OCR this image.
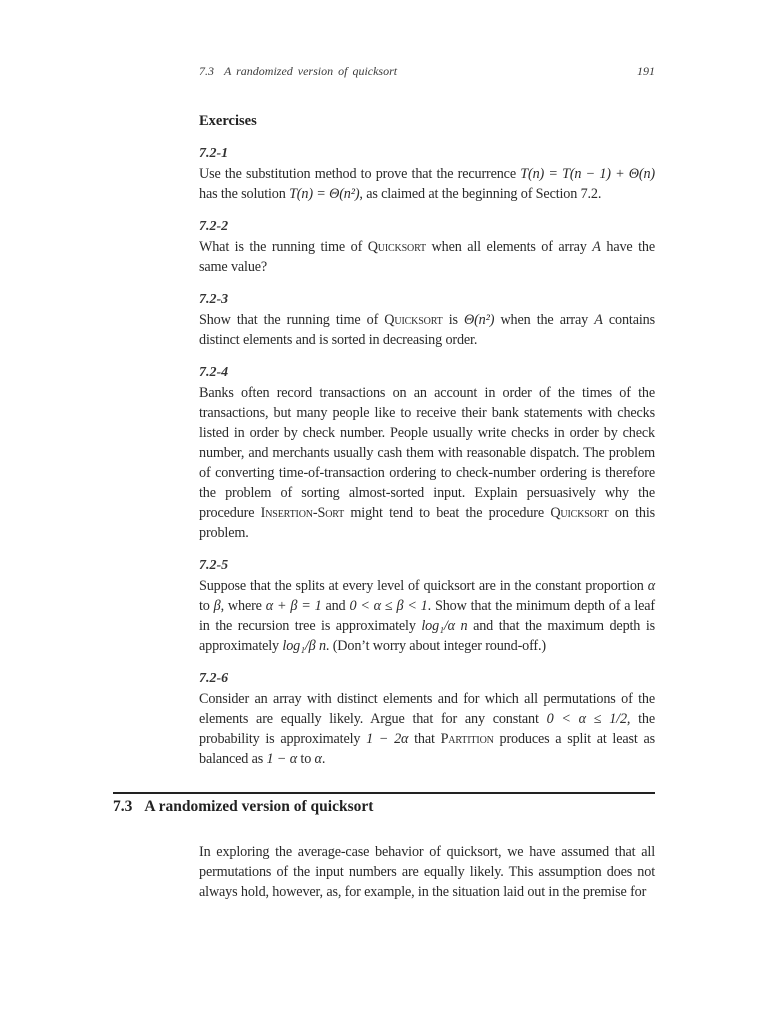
7.3 A randomized version of quicksort	191
Exercises
7.2-1
Use the substitution method to prove that the recurrence T(n) = T(n − 1) + Θ(n) has the solution T(n) = Θ(n²), as claimed at the beginning of Section 7.2.
7.2-2
What is the running time of Quicksort when all elements of array A have the same value?
7.2-3
Show that the running time of Quicksort is Θ(n²) when the array A contains distinct elements and is sorted in decreasing order.
7.2-4
Banks often record transactions on an account in order of the times of the transactions, but many people like to receive their bank statements with checks listed in order by check number. People usually write checks in order by check number, and merchants usually cash them with reasonable dispatch. The problem of converting time-of-transaction ordering to check-number ordering is therefore the problem of sorting almost-sorted input. Explain persuasively why the procedure Insertion-Sort might tend to beat the procedure Quicksort on this problem.
7.2-5
Suppose that the splits at every level of quicksort are in the constant proportion α to β, where α + β = 1 and 0 < α ≤ β < 1. Show that the minimum depth of a leaf in the recursion tree is approximately log₁/α n and that the maximum depth is approximately log₁/β n. (Don’t worry about integer round-off.)
7.2-6
Consider an array with distinct elements and for which all permutations of the elements are equally likely. Argue that for any constant 0 < α ≤ 1/2, the probability is approximately 1 − 2α that Partition produces a split at least as balanced as 1 − α to α.
7.3 A randomized version of quicksort
In exploring the average-case behavior of quicksort, we have assumed that all permutations of the input numbers are equally likely. This assumption does not always hold, however, as, for example, in the situation laid out in the premise for
